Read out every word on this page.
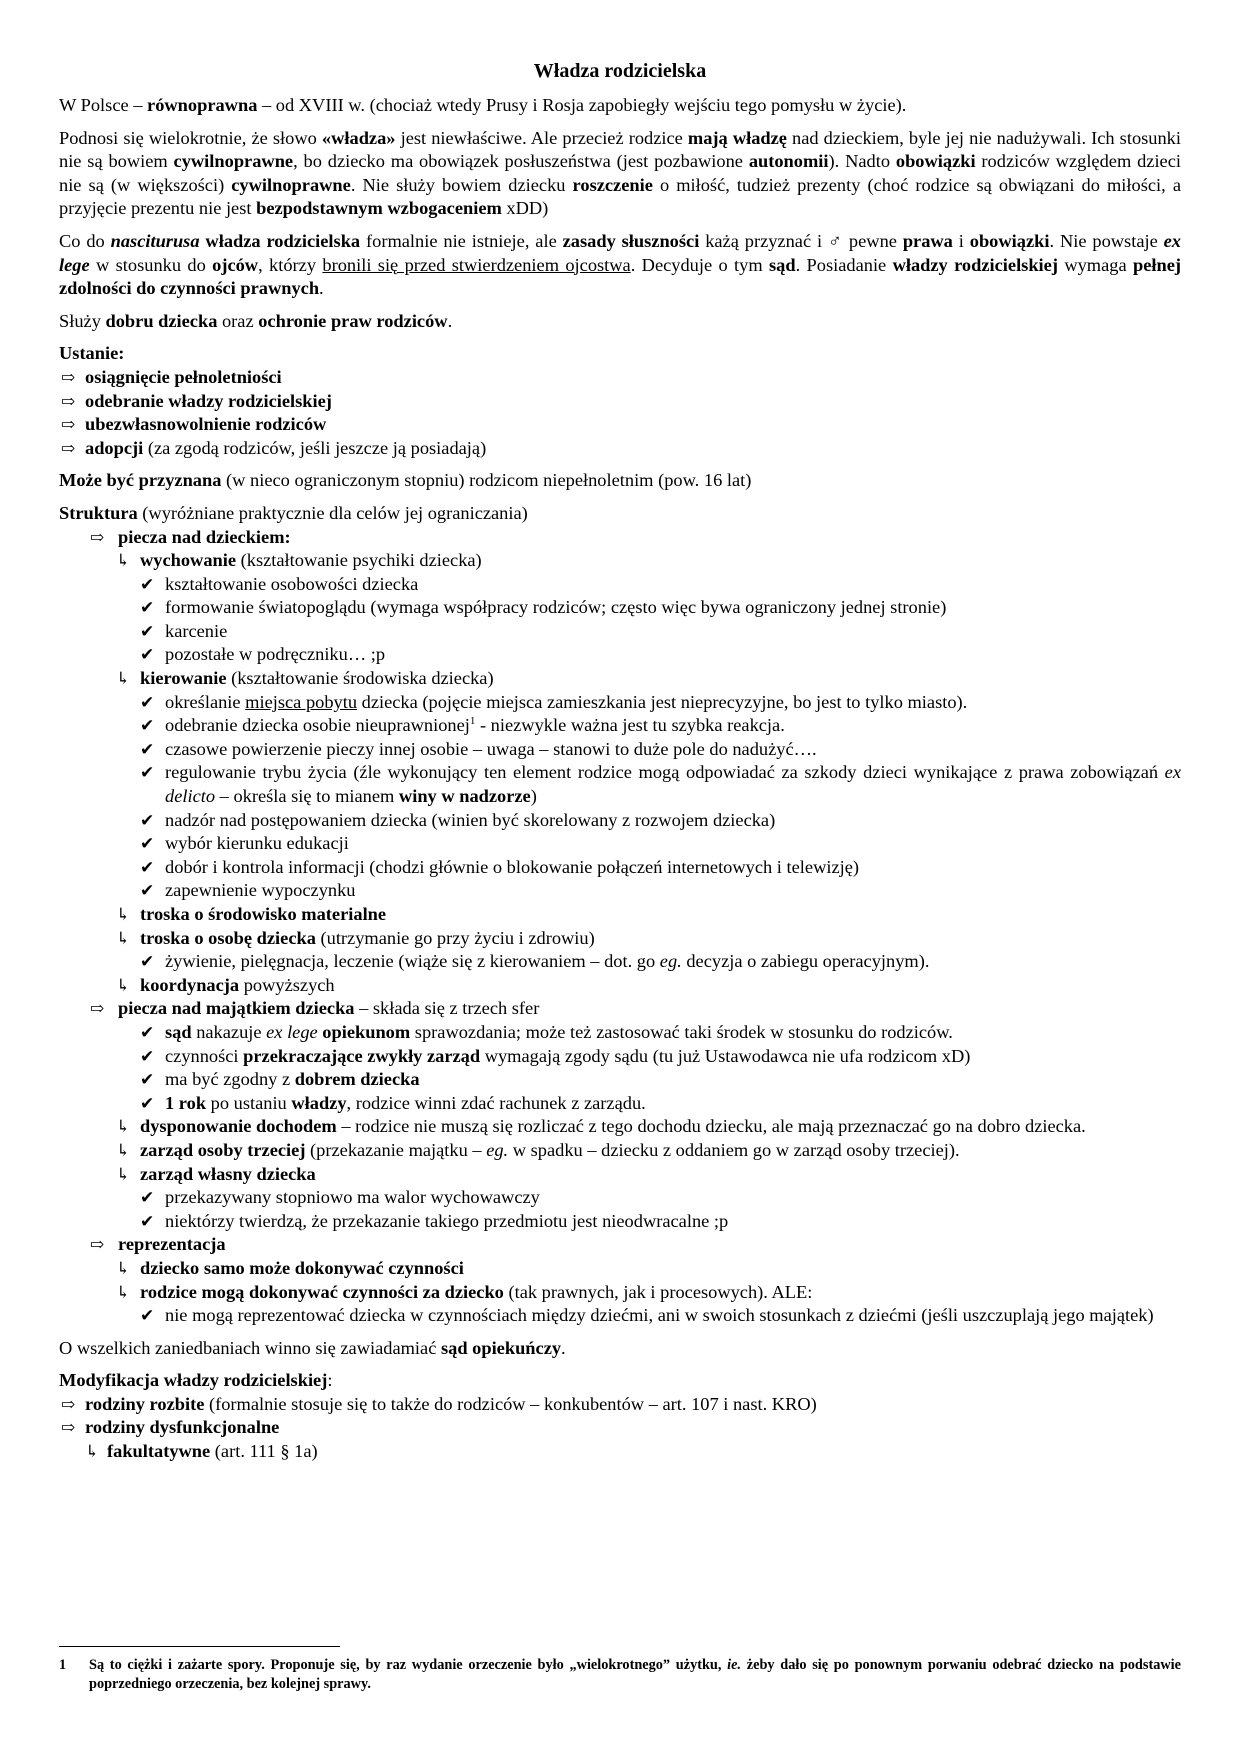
Władza rodzicielska

W Polsce – równoprawna – od XVIII w. (chociaż wtedy Prusy i Rosja zapobiegły wejściu tego pomysłu w życie).

Podnosi się wielokrotnie, że słowo «władza» jest niewłaściwe. Ale przecież rodzice mają władzę nad dzieckiem, byle jej nie nadużywali. Ich stosunki nie są bowiem cywilnoprawne, bo dziecko ma obowiązek posłuszeństwa (jest pozbawione autonomii). Nadto obowiązki rodziców względem dzieci nie są (w większości) cywilnoprawne. Nie służy bowiem dziecku roszczenie o miłość, tudzież prezenty (choć rodzice są obwiązani do miłości, a przyjęcie prezentu nie jest bezpodstawnym wzbogaceniem xDD)

Co do nasciturusa władza rodzicielska formalnie nie istnieje, ale zasady słuszności każą przyznać i ♂ pewne prawa i obowiązki. Nie powstaje ex lege w stosunku do ojców, którzy bronili się przed stwierdzeniem ojcostwa. Decyduje o tym sąd. Posiadanie władzy rodzicielskiej wymaga pełnej zdolności do czynności prawnych.

Służy dobru dziecka oraz ochronie praw rodziców.

Ustanie:
⇨ osiągnięcie pełnoletniości
⇨ odebranie władzy rodzicielskiej
⇨ ubezwłasnowolnienie rodziców
⇨ adopcji (za zgodą rodziców, jeśli jeszcze ją posiadają)

Może być przyznana (w nieco ograniczonym stopniu) rodzicom niepełnoletnim (pow. 16 lat)

Struktura (wyróżniane praktycznie dla celów jej ograniczania)
⇨ piecza nad dzieckiem:
↳ wychowanie (kształtowanie psychiki dziecka)
✔ kształtowanie osobowości dziecka
✔ formowanie światopoglądu (wymaga współpracy rodziców; często więc bywa ograniczony jednej stronie)
✔ karcenie
✔ pozostałe w podręczniku… ;p
↳ kierowanie (kształtowanie środowiska dziecka)
✔ określanie miejsca pobytu dziecka (pojęcie miejsca zamieszkania jest nieprecyzyjne, bo jest to tylko miasto).
✔ odebranie dziecka osobie nieuprawnionej$^1$ - niezwykle ważna jest tu szybka reakcja.
✔ czasowe powierzenie pieczy innej osobie – uwaga – stanowi to duże pole do nadużyć….
✔ regulowanie trybu życia (źle wykonujący ten element rodzice mogą odpowiadać za szkody dzieci wynikające z prawa zobowiązań ex delicto – określa się to mianem winy w nadzorze)
✔ nadzór nad postępowaniem dziecka (winien być skorelowany z rozwojem dziecka)
✔ wybór kierunku edukacji
✔ dobór i kontrola informacji (chodzi głównie o blokowanie połączeń internetowych i telewizję)
✔ zapewnienie wypoczynku
↳ troska o środowisko materialne
↳ troska o osobę dziecka (utrzymanie go przy życiu i zdrowiu)
✔ żywienie, pielęgnacja, leczenie (wiąże się z kierowaniem – dot. go eg. decyzja o zabiegu operacyjnym).
↳ koordynacja powyższych
⇨ piecza nad majątkiem dziecka – składa się z trzech sfer
✔ sąd nakazuje ex lege opiekunom sprawozdania; może też zastosować taki środek w stosunku do rodziców.
✔ czynności przekraczające zwykły zarząd wymagają zgody sądu (tu już Ustawodawca nie ufa rodzicom xD)
✔ ma być zgodny z dobrem dziecka
✔ 1 rok po ustaniu władzy, rodzice winni zdać rachunek z zarządu.
↳ dysponowanie dochodem – rodzice nie muszą się rozliczać z tego dochodu dziecku, ale mają przeznaczać go na dobro dziecka.
↳ zarząd osoby trzeciej (przekazanie majątku – eg. w spadku – dziecku z oddaniem go w zarząd osoby trzeciej).
↳ zarząd własny dziecka
✔ przekazywany stopniowo ma walor wychowawczy
✔ niektórzy twierdzą, że przekazanie takiego przedmiotu jest nieodwracalne ;p
⇨ reprezentacja
↳ dziecko samo może dokonywać czynności
↳ rodzice mogą dokonywać czynności za dziecko (tak prawnych, jak i procesowych). ALE:
✔ nie mogą reprezentować dziecka w czynnościach między dziećmi, ani w swoich stosunkach z dziećmi (jeśli uszczuplają jego majątek)

O wszelkich zaniedbaniach winno się zawiadamiać sąd opiekuńczy.

Modyfikacja władzy rodzicielskiej:
⇨ rodziny rozbite (formalnie stosuje się to także do rodziców – konkubentów – art. 107 i nast. KRO)
⇨ rodziny dysfunkcjonalne
↳ fakultatywne (art. 111 § 1a)
1 Są to ciężki i zażarte spory. Proponuje się, by raz wydanie orzeczenie było „wielokrotnego” użytku, ie. żeby dało się po ponownym porwaniu odebrać dziecko na podstawie poprzedniego orzeczenia, bez kolejnej sprawy.
